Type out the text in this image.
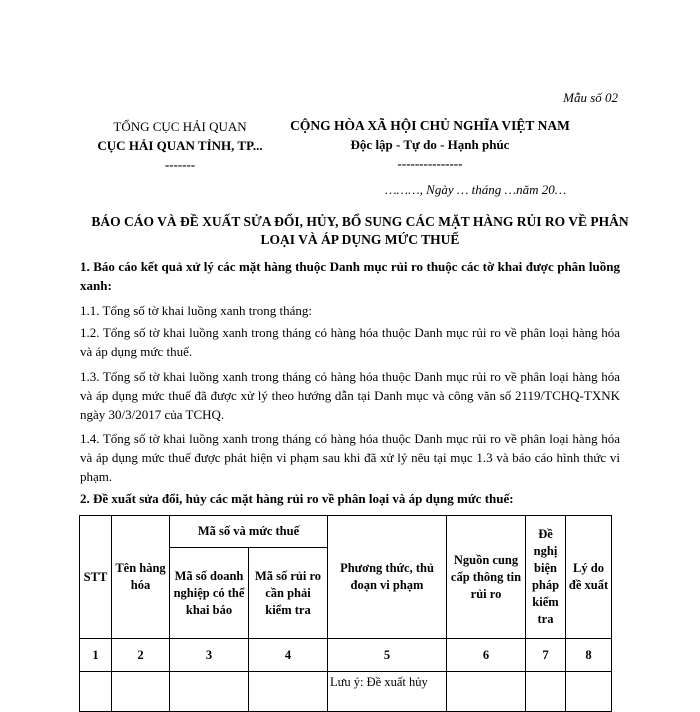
Mẫu số 02
TỔNG CỤC HẢI QUAN
CỤC HẢI QUAN TỈNH, TP...
-------
CỘNG HÒA XÃ HỘI CHỦ NGHĨA VIỆT NAM
Độc lập - Tự do - Hạnh phúc
---------------
………, Ngày … tháng …năm 20…
BÁO CÁO VÀ ĐỀ XUẤT SỬA ĐỔI, HỦY, BỔ SUNG CÁC MẶT HÀNG RỦI RO VỀ PHÂN LOẠI VÀ ÁP DỤNG MỨC THUẾ
1. Báo cáo kết quả xử lý các mặt hàng thuộc Danh mục rủi ro thuộc các tờ khai được phân luồng xanh:
1.1. Tổng số tờ khai luồng xanh trong tháng:
1.2. Tổng số tờ khai luồng xanh trong tháng có hàng hóa thuộc Danh mục rủi ro về phân loại hàng hóa và áp dụng mức thuế.
1.3. Tổng số tờ khai luồng xanh trong tháng có hàng hóa thuộc Danh mục rủi ro về phân loại hàng hóa và áp dụng mức thuế đã được xử lý theo hướng dẫn tại Danh mục và công văn số 2119/TCHQ-TXNK ngày 30/3/2017 của TCHQ.
1.4. Tổng số tờ khai luồng xanh trong tháng có hàng hóa thuộc Danh mục rủi ro về phân loại hàng hóa và áp dụng mức thuế được phát hiện vi phạm sau khi đã xử lý nêu tại mục 1.3 và báo cáo hình thức vi phạm.
2. Đề xuất sửa đổi, hủy các mặt hàng rủi ro về phân loại và áp dụng mức thuế:
STT	Tên hàng hóa	Mã số và mức thuế		Phương thức, thủ đoạn vi phạm	Nguồn cung cấp thông tin rủi ro	Đề nghị biện pháp kiểm tra	Lý do đề xuất
		Mã số doanh nghiệp có thể khai báo	Mã số rủi ro cần phải kiểm tra				
1	2	3	4	5	6	7	8
				Lưu ý: Đề xuất hủy			
